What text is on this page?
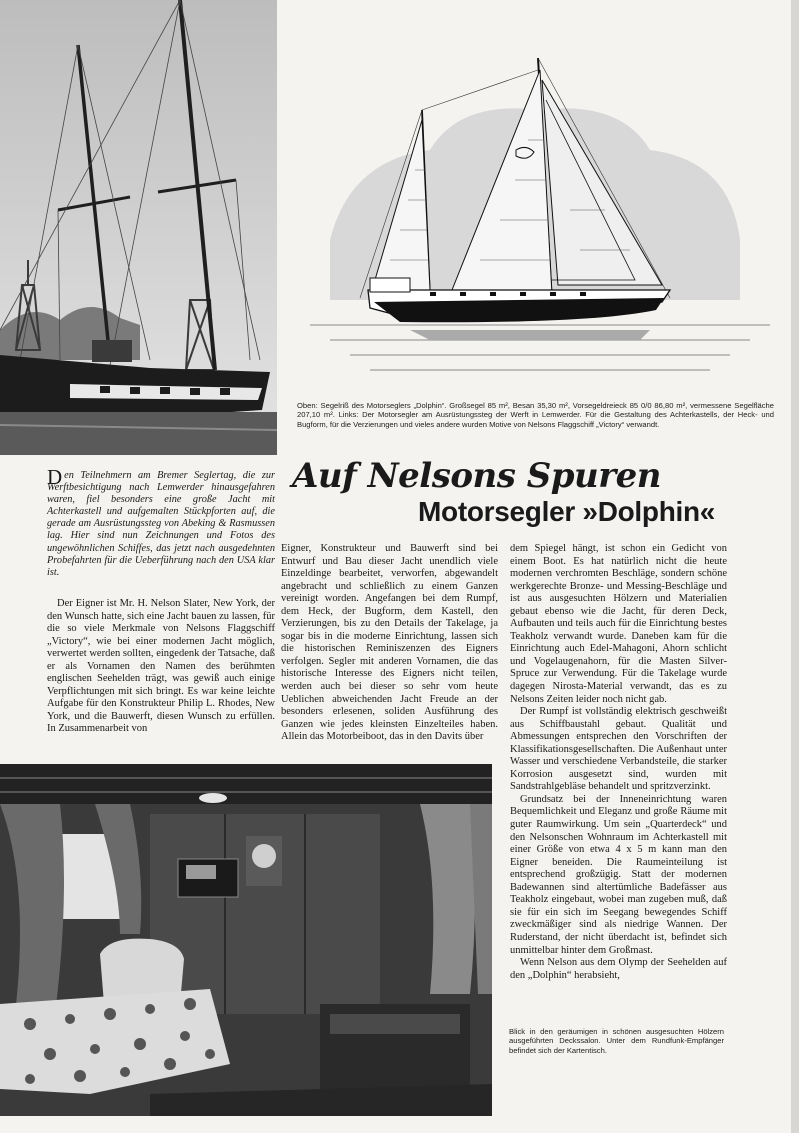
Oben: Segelriß des Motorseglers „Dolphin“. Großsegel 85 m², Besan 35,30 m², Vorsegeldreieck 85 0/0 86,80 m², vermessene Segelfläche 207,10 m². Links: Der Motorsegler am Ausrüstungssteg der Werft in Lemwerder. Für die Gestaltung des Achterkastells, der Heck- und Bugform, für die Verzierungen und vieles andere wurden Motive von Nelsons Flaggschiff „Victory“ verwandt.

Auf Nelsons Spuren
Motorsegler »Dolphin«
Den Teilnehmern am Bremer Seglertag, die zur Werftbesichtigung nach Lemwerder hinausgefahren waren, fiel besonders eine große Jacht mit Achterkastell und aufgemalten Stückpforten auf, die gerade am Ausrüstungssteg von Abeking & Rasmussen lag. Hier sind nun Zeichnungen und Fotos des ungewöhnlichen Schiffes, das jetzt nach ausgedehnten Probefahrten für die Ueberführung nach den USA klar ist.

Der Eigner ist Mr. H. Nelson Slater, New York, der den Wunsch hatte, sich eine Jacht bauen zu lassen, für die so viele Merkmale von Nelsons Flaggschiff „Victory“, wie bei einer modernen Jacht möglich, verwertet werden sollten, eingedenk der Tatsache, daß er als Vornamen den Namen des berühmten englischen Seehelden trägt, was gewiß auch einige Verpflichtungen mit sich bringt. Es war keine leichte Aufgabe für den Konstrukteur Philip L. Rhodes, New York, und die Bauwerft, diesen Wunsch zu erfüllen. In Zusammenarbeit von

Eigner, Konstrukteur und Bauwerft sind bei Entwurf und Bau dieser Jacht unendlich viele Einzeldinge bearbeitet, verworfen, abgewandelt angebracht und schließlich zu einem Ganzen vereinigt worden. Angefangen bei dem Rumpf, dem Heck, der Bugform, dem Kastell, den Verzierungen, bis zu den Details der Takelage, ja sogar bis in die moderne Einrichtung, lassen sich die historischen Reminiszenzen des Eigners verfolgen. Segler mit anderen Vornamen, die das historische Interesse des Eigners nicht teilen, werden auch bei dieser so sehr vom heute Ueblichen abweichenden Jacht Freude an der besonders erlesenen, soliden Ausführung des Ganzen wie jedes kleinsten Einzelteiles haben. Allein das Motorbeiboot, das in den Davits über

dem Spiegel hängt, ist schon ein Gedicht von einem Boot. Es hat natürlich nicht die heute modernen verchromten Beschläge, sondern schöne werkgerechte Bronze- und Messing-Beschläge und ist aus ausgesuchten Hölzern und Materialien gebaut ebenso wie die Jacht, für deren Deck, Aufbauten und teils auch für die Einrichtung bestes Teakholz verwandt wurde. Daneben kam für die Einrichtung auch Edel-Mahagoni, Ahorn schlicht und Vogelaugenahorn, für die Masten Silver-Spruce zur Verwendung. Für die Takelage wurde dagegen Nirosta-Material verwandt, das es zu Nelsons Zeiten leider noch nicht gab.

Der Rumpf ist vollständig elektrisch geschweißt aus Schiffbaustahl gebaut. Qualität und Abmessungen entsprechen den Vorschriften der Klassifikationsgesellschaften. Die Außenhaut unter Wasser und verschiedene Verbandsteile, die starker Korrosion ausgesetzt sind, wurden mit Sandstrahlgebläse behandelt und spritzverzinkt.

Grundsatz bei der Inneneinrichtung waren Bequemlichkeit und Eleganz und große Räume mit guter Raumwirkung. Um sein „Quarterdeck“ und den Nelsonschen Wohnraum im Achterkastell mit einer Größe von etwa 4 x 5 m kann man den Eigner beneiden. Die Raumeinteilung ist entsprechend großzügig. Statt der modernen Badewannen sind altertümliche Badefässer aus Teakholz eingebaut, wobei man zugeben muß, daß sie für ein sich im Seegang bewegendes Schiff zweckmäßiger sind als niedrige Wannen. Der Ruderstand, der nicht überdacht ist, befindet sich unmittelbar hinter dem Großmast.

Wenn Nelson aus dem Olymp der Seehelden auf den „Dolphin“ herabsieht,

Blick in den geräumigen in schönen ausgesuchten Hölzern ausgeführten Deckssalon. Unter dem Rundfunk-Empfänger befindet sich der Kartentisch.
